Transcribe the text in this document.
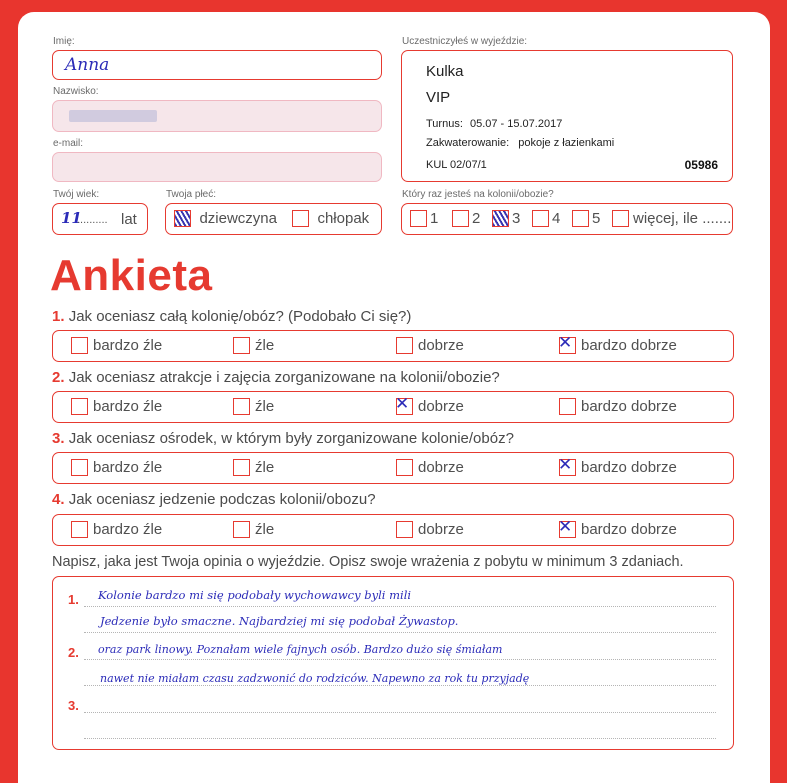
Imię:
Anna
Nazwisko:
e-mail:
Twój wiek:
11
.......... lat
Twoja płeć:
dziewczyna	chłopak
Uczestniczyłeś w wyjeździe:
Kulka
VIP
Turnus: 05.07 - 15.07.2017
Zakwaterowanie: pokoje z łazienkami
KUL 02/07/1	05986
Który raz jesteś na kolonii/obozie?
1	2	3	4	5	więcej, ile .......
Ankieta
1. Jak oceniasz całą kolonię/obóz? (Podobało Ci się?)
bardzo źle	źle	dobrze	✕ bardzo dobrze
2. Jak oceniasz atrakcje i zajęcia zorganizowane na kolonii/obozie?
bardzo źle	źle	✕ dobrze	bardzo dobrze
3. Jak oceniasz ośrodek, w którym były zorganizowane kolonie/obóz?
bardzo źle	źle	dobrze	✕ bardzo dobrze
4. Jak oceniasz jedzenie podczas kolonii/obozu?
bardzo źle	źle	dobrze	✕ bardzo dobrze
Napisz, jaka jest Twoja opinia o wyjeździe. Opisz swoje wrażenia z pobytu w minimum 3 zdaniach.
1.
2.
3.
Kolonie bardzo mi się podobały wychowawcy byli mili
Jedzenie było smaczne. Najbardziej mi się podobał Żywastop.
oraz park linowy. Poznałam wiele fajnych osób. Bardzo dużo się śmiałam
nawet nie miałam czasu zadzwonić do rodziców. Napewno za rok tu przyjadę
